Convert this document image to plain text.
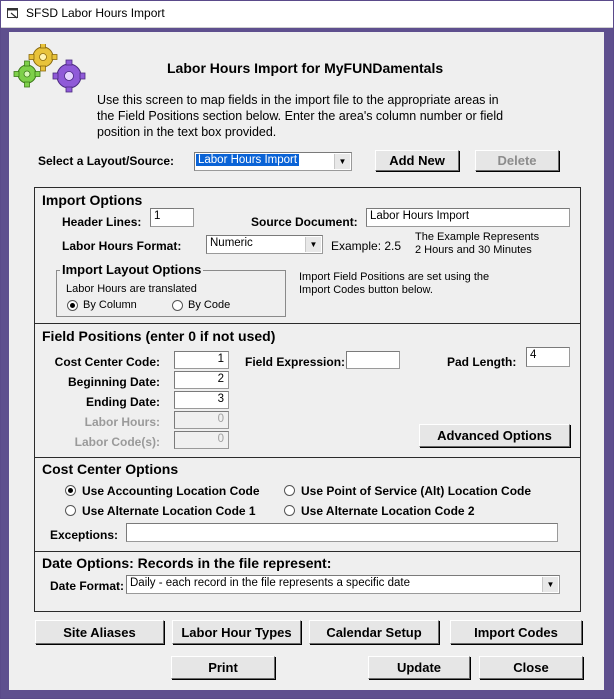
SFSD Labor Hours Import
Labor Hours Import for MyFUNDamentals
Use this screen to map fields in the import file to the appropriate areas in
the Field Positions section below. Enter the area's column number or field
position in the text box provided.
Select a Layout/Source:	Labor Hours Import	▼	Add New	Delete
Import Options
Header Lines:	1	Source Document:	Labor Hours Import
Labor Hours Format:	Numeric	▼ Example: 2.5
The Example Represents
2 Hours and 30 Minutes
Import Layout Options
Labor Hours are translated
By Column	By Code
Import Field Positions are set using the
Import Codes button below.
Field Positions (enter 0 if not used)
Cost Center Code:	1
Beginning Date:	2
Ending Date:	3
Labor Hours:	0
Labor Code(s):	0
Field Expression:	Pad Length:	4
Advanced Options
Cost Center Options
Use Accounting Location Code	Use Point of Service (Alt) Location Code
Use Alternate Location Code 1	Use Alternate Location Code 2
Exceptions:
Date Options: Records in the file represent:
Date Format: Daily - each record in the file represents a specific date	▼
Site Aliases	Labor Hour Types	Calendar Setup	Import Codes
Print	Update	Close
